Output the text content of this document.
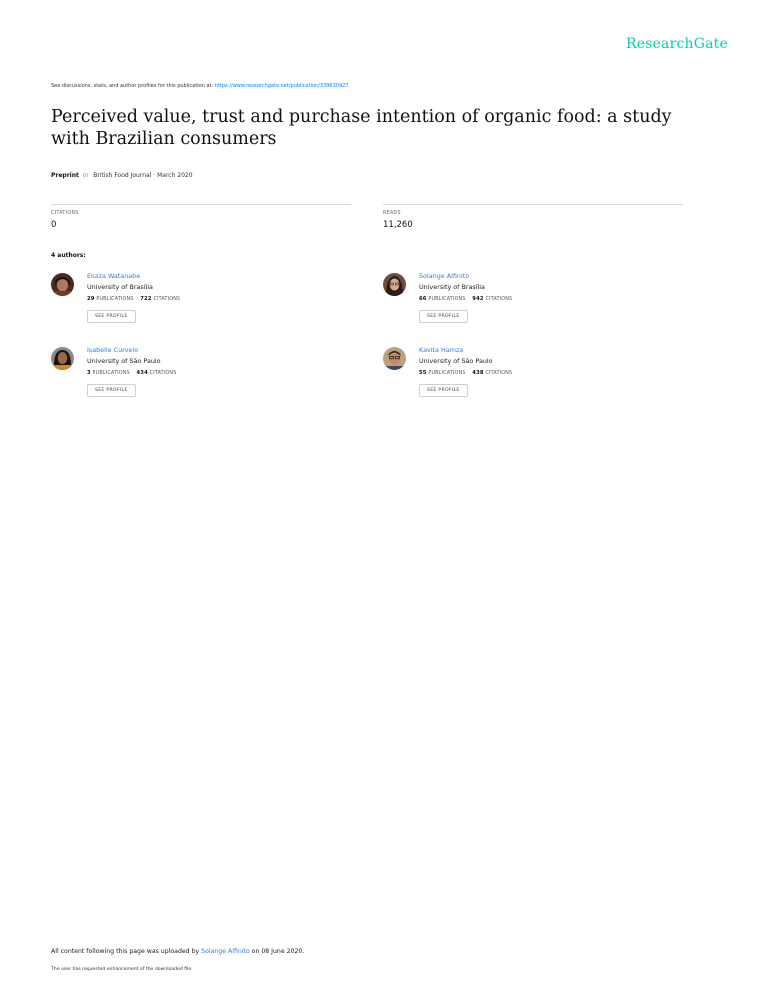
ResearchGate
See discussions, stats, and author profiles for this publication at: https://www.researchgate.net/publication/339630927
Perceived value, trust and purchase intention of organic food: a study with Brazilian consumers
Preprint in British Food Journal · March 2020
CITATIONS
0
READS
11,260
4 authors:
Eluiza Watanabe
University of Brasília
29 PUBLICATIONS 722 CITATIONS
SEE PROFILE
Solange Alfinito
University of Brasília
66 PUBLICATIONS 942 CITATIONS
SEE PROFILE
Isabelle Curvelo
University of São Paulo
3 PUBLICATIONS 434 CITATIONS
SEE PROFILE
Kavita Hamza
University of São Paulo
55 PUBLICATIONS 438 CITATIONS
SEE PROFILE
All content following this page was uploaded by Solange Alfinito on 08 June 2020.
The user has requested enhancement of the downloaded file.
